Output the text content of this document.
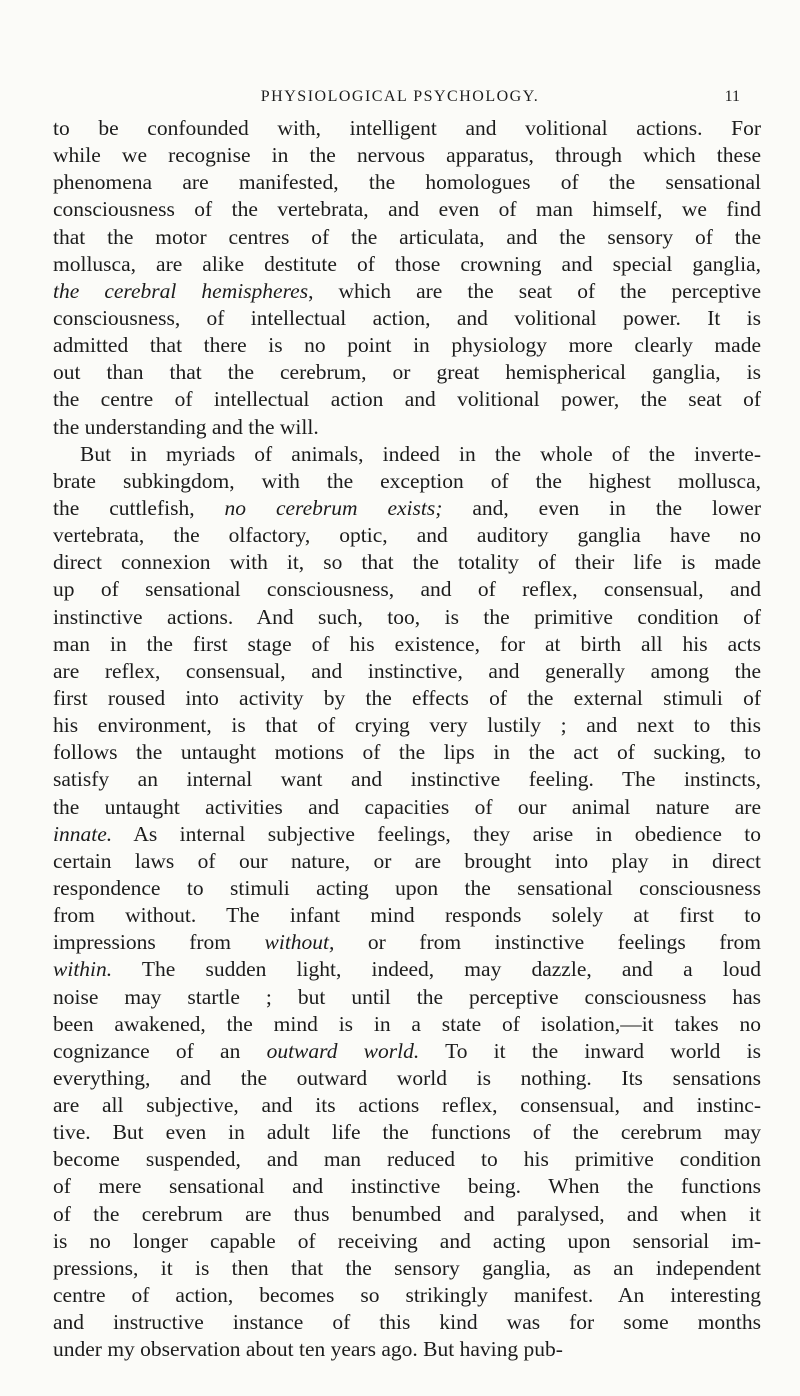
PHYSIOLOGICAL PSYCHOLOGY.	11
to be confounded with, intelligent and volitional actions. For
while we recognise in the nervous apparatus, through which these
phenomena are manifested, the homologues of the sensational
consciousness of the vertebrata, and even of man himself, we find
that the motor centres of the articulata, and the sensory of the
mollusca, are alike destitute of those crowning and special ganglia,
the cerebral hemispheres, which are the seat of the perceptive
consciousness, of intellectual action, and volitional power. It is
admitted that there is no point in physiology more clearly made
out than that the cerebrum, or great hemispherical ganglia, is
the centre of intellectual action and volitional power, the seat of
the understanding and the will.
But in myriads of animals, indeed in the whole of the inverte-
brate subkingdom, with the exception of the highest mollusca,
the cuttlefish, no cerebrum exists; and, even in the lower
vertebrata, the olfactory, optic, and auditory ganglia have no
direct connexion with it, so that the totality of their life is made
up of sensational consciousness, and of reflex, consensual, and
instinctive actions. And such, too, is the primitive condition of
man in the first stage of his existence, for at birth all his acts
are reflex, consensual, and instinctive, and generally among the
first roused into activity by the effects of the external stimuli of
his environment, is that of crying very lustily ; and next to this
follows the untaught motions of the lips in the act of sucking, to
satisfy an internal want and instinctive feeling. The instincts,
the untaught activities and capacities of our animal nature are
innate. As internal subjective feelings, they arise in obedience to
certain laws of our nature, or are brought into play in direct
respondence to stimuli acting upon the sensational consciousness
from without. The infant mind responds solely at first to
impressions from without, or from instinctive feelings from
within. The sudden light, indeed, may dazzle, and a loud
noise may startle ; but until the perceptive consciousness has
been awakened, the mind is in a state of isolation,—it takes no
cognizance of an outward world. To it the inward world is
everything, and the outward world is nothing. Its sensations
are all subjective, and its actions reflex, consensual, and instinc-
tive. But even in adult life the functions of the cerebrum may
become suspended, and man reduced to his primitive condition
of mere sensational and instinctive being. When the functions
of the cerebrum are thus benumbed and paralysed, and when it
is no longer capable of receiving and acting upon sensorial im-
pressions, it is then that the sensory ganglia, as an independent
centre of action, becomes so strikingly manifest. An interesting
and instructive instance of this kind was for some months
under my observation about ten years ago. But having pub-
